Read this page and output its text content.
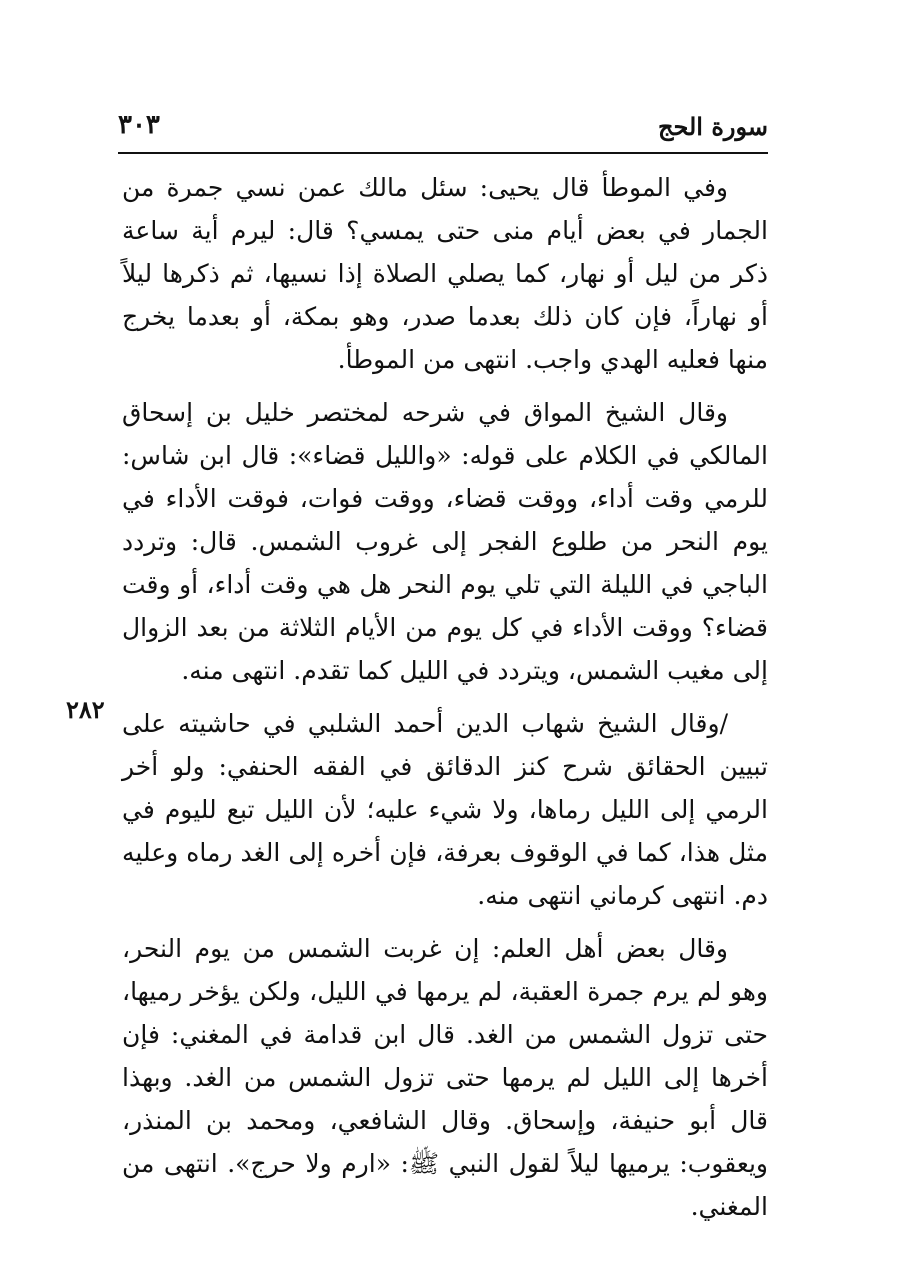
سورة الحج
٣٠٣
٢٨٢

وفي الموطأ قال يحيى: سئل مالك عمن نسي جمرة من الجمار في بعض أيام منى حتى يمسي؟ قال: ليرم أية ساعة ذكر من ليل أو نهار، كما يصلي الصلاة إذا نسيها، ثم ذكرها ليلاً أو نهاراً، فإن كان ذلك بعدما صدر، وهو بمكة، أو بعدما يخرج منها فعليه الهدي واجب. انتهى من الموطأ.

وقال الشيخ المواق في شرحه لمختصر خليل بن إسحاق المالكي في الكلام على قوله: «والليل قضاء»: قال ابن شاس: للرمي وقت أداء، ووقت قضاء، ووقت فوات، فوقت الأداء في يوم النحر من طلوع الفجر إلى غروب الشمس. قال: وتردد الباجي في الليلة التي تلي يوم النحر هل هي وقت أداء، أو وقت قضاء؟ ووقت الأداء في كل يوم من الأيام الثلاثة من بعد الزوال إلى مغيب الشمس، ويتردد في الليل كما تقدم. انتهى منه.

/وقال الشيخ شهاب الدين أحمد الشلبي في حاشيته على تبيين الحقائق شرح كنز الدقائق في الفقه الحنفي: ولو أخر الرمي إلى الليل رماها، ولا شيء عليه؛ لأن الليل تبع لليوم في مثل هذا، كما في الوقوف بعرفة، فإن أخره إلى الغد رماه وعليه دم. انتهى كرماني انتهى منه.

وقال بعض أهل العلم: إن غربت الشمس من يوم النحر، وهو لم يرم جمرة العقبة، لم يرمها في الليل، ولكن يؤخر رميها، حتى تزول الشمس من الغد. قال ابن قدامة في المغني: فإن أخرها إلى الليل لم يرمها حتى تزول الشمس من الغد. وبهذا قال أبو حنيفة، وإسحاق. وقال الشافعي، ومحمد بن المنذر، ويعقوب: يرميها ليلاً لقول النبي ﷺ: «ارم ولا حرج». انتهى من المغني.
